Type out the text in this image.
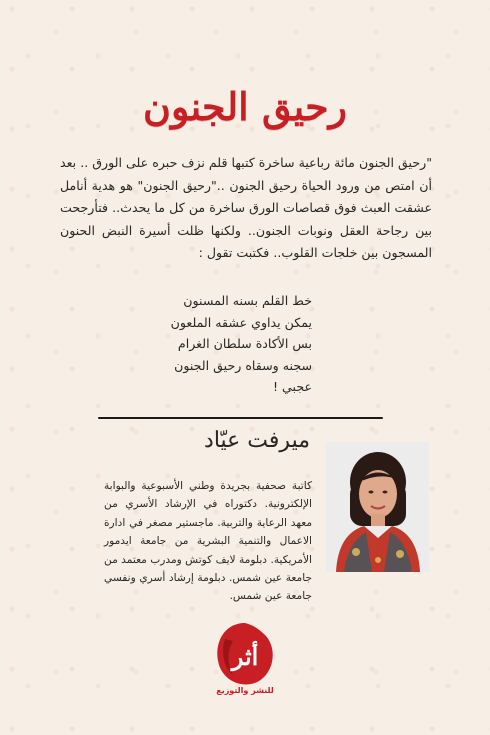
رحيق الجنون
"رحيق الجنون مائة رباعية ساخرة كتبها قلم نزف حبره على الورق .. بعد أن امتص من ورود الحياة رحيق الجنون .."رحيق الجنون" هو هدية أنامل عشقت العبث فوق قصاصات الورق ساخرة من كل ما يحدث.. فتأرجحت بين رجاحة العقل ونوبات الجنون.. ولكنها ظلت أسيرة النبض الحنون المسجون بين خلجات القلوب.. فكتبت تقول :
خط القلم بسنه المسنون
يمكن يداوي عشقه الملعون
بس الأكادة سلطان الغرام
سجنه وسقاه رحيق الجنون
عجبي !
ميرفت عيّاد
كاتبة صحفية بجريدة وطني الأسبوعية والبوابة الإلكترونية. دكتوراه في الإرشاد الأسري من معهد الرعاية والتربية. ماجستير مصغر في ادارة الاعمال والتنمية البشرية من جامعة ايدمور الأمريكية. دبلومة لايف كوتش ومدرب معتمد من جامعة عين شمس. دبلومة إرشاد أسري ونفسي جامعة عين شمس.
أثر
للنشر والتوزيع
